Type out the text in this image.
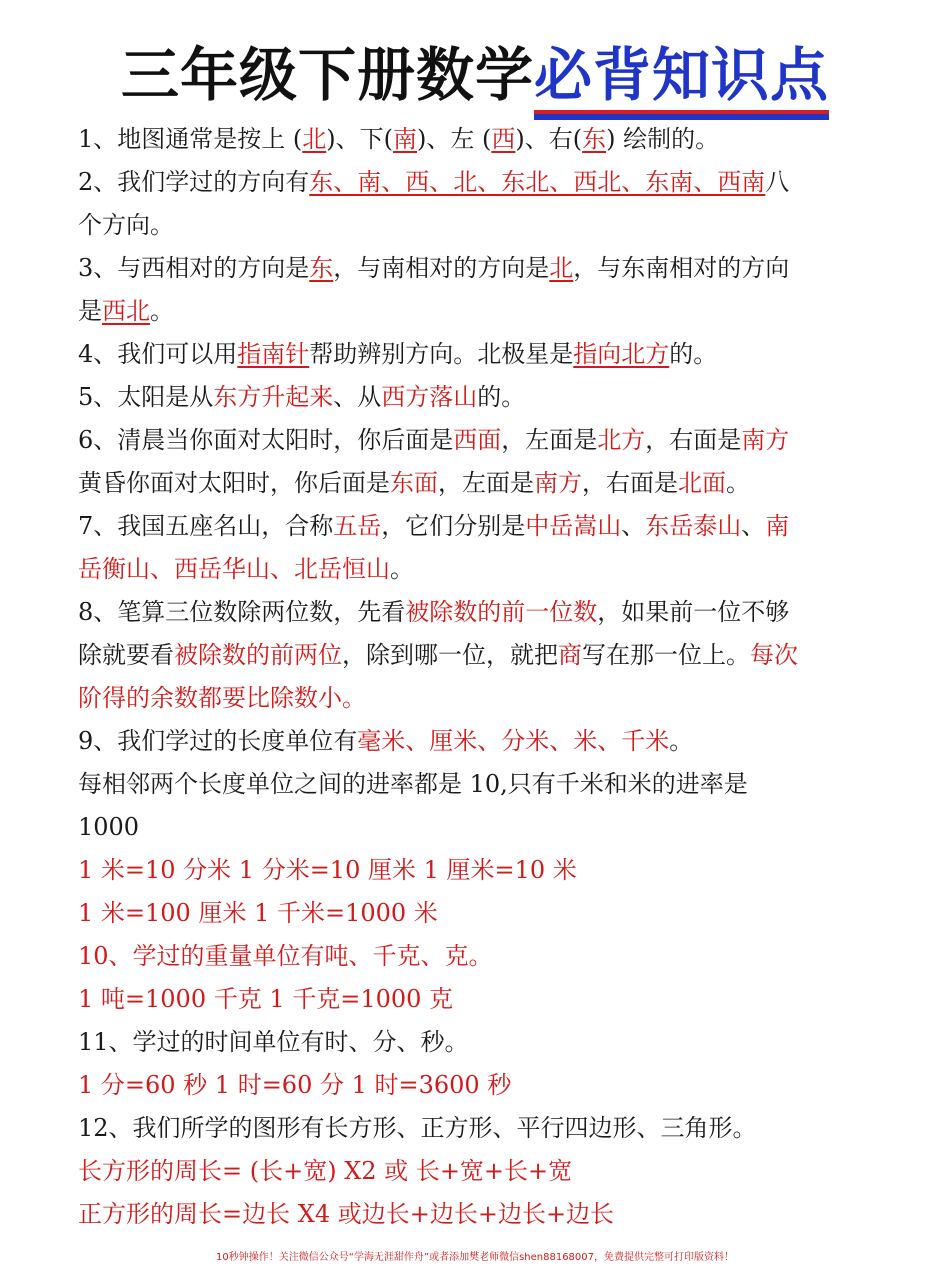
三年级下册数学必背知识点
1、地图通常是按上 (北)、下(南)、左 (西)、右(东) 绘制的。
2、我们学过的方向有东、南、西、北、东北、西北、东南、西南八
个方向。
3、与西相对的方向是东，与南相对的方向是北，与东南相对的方向
是西北。
4、我们可以用指南针帮助辨别方向。北极星是指向北方的。
5、太阳是从东方升起来、从西方落山的。
6、清晨当你面对太阳时，你后面是西面，左面是北方，右面是南方
黄昏你面对太阳时，你后面是东面，左面是南方，右面是北面。
7、我国五座名山，合称五岳，它们分别是中岳嵩山、东岳泰山、南
岳衡山、西岳华山、北岳恒山。
8、笔算三位数除两位数，先看被除数的前一位数，如果前一位不够
除就要看被除数的前两位，除到哪一位，就把商写在那一位上。每次
阶得的余数都要比除数小。
9、我们学过的长度单位有毫米、厘米、分米、米、千米。
每相邻两个长度单位之间的进率都是 10,只有千米和米的进率是
1000
1 米=10 分米 1 分米=10 厘米 1 厘米=10 米
1 米=100 厘米 1 千米=1000 米
10、学过的重量单位有吨、千克、克。
1 吨=1000 千克 1 千克=1000 克
11、学过的时间单位有时、分、秒。
1 分=60 秒 1 时=60 分 1 时=3600 秒
12、我们所学的图形有长方形、正方形、平行四边形、三角形。
长方形的周长= (长+宽) X2 或 长+宽+长+宽
正方形的周长=边长 X4 或边长+边长+边长+边长
10秒钟操作！关注微信公众号“学海无涯甜作舟”或者添加樊老师微信shen88168007，免费提供完整可打印版资料！
